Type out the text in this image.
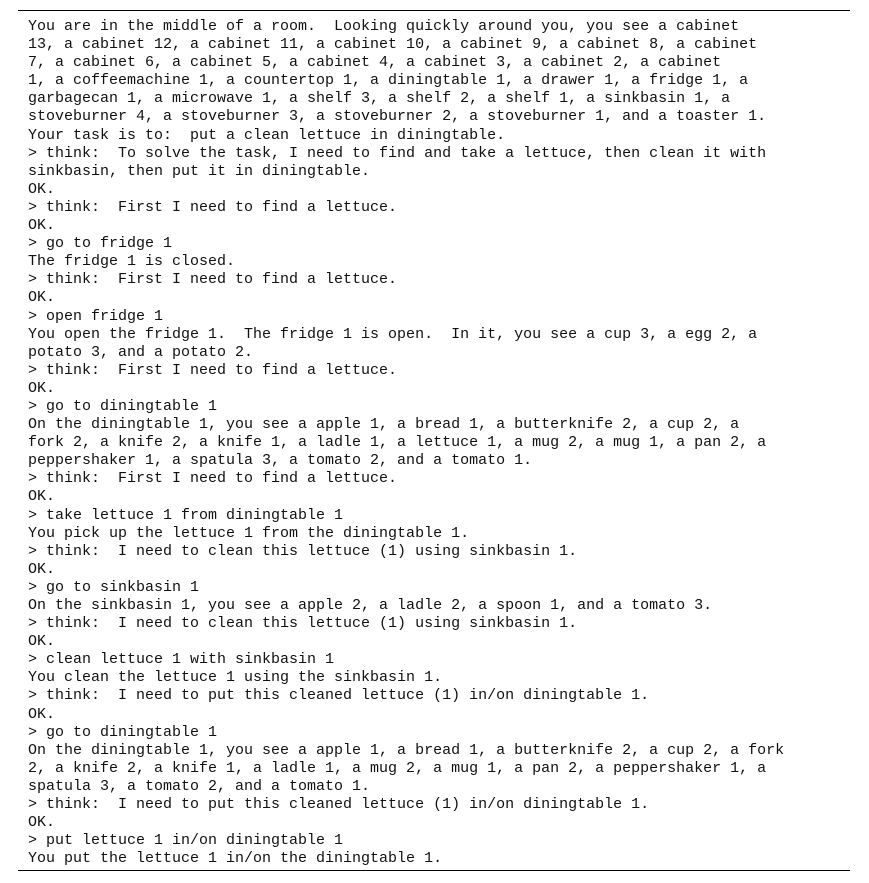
You are in the middle of a room.  Looking quickly around you, you see a cabinet
13, a cabinet 12, a cabinet 11, a cabinet 10, a cabinet 9, a cabinet 8, a cabinet
7, a cabinet 6, a cabinet 5, a cabinet 4, a cabinet 3, a cabinet 2, a cabinet
1, a coffeemachine 1, a countertop 1, a diningtable 1, a drawer 1, a fridge 1, a
garbagecan 1, a microwave 1, a shelf 3, a shelf 2, a shelf 1, a sinkbasin 1, a
stoveburner 4, a stoveburner 3, a stoveburner 2, a stoveburner 1, and a toaster 1.
Your task is to:  put a clean lettuce in diningtable.
> think:  To solve the task, I need to find and take a lettuce, then clean it with
sinkbasin, then put it in diningtable.
OK.
> think:  First I need to find a lettuce.
OK.
> go to fridge 1
The fridge 1 is closed.
> think:  First I need to find a lettuce.
OK.
> open fridge 1
You open the fridge 1.  The fridge 1 is open.  In it, you see a cup 3, a egg 2, a
potato 3, and a potato 2.
> think:  First I need to find a lettuce.
OK.
> go to diningtable 1
On the diningtable 1, you see a apple 1, a bread 1, a butterknife 2, a cup 2, a
fork 2, a knife 2, a knife 1, a ladle 1, a lettuce 1, a mug 2, a mug 1, a pan 2, a
peppershaker 1, a spatula 3, a tomato 2, and a tomato 1.
> think:  First I need to find a lettuce.
OK.
> take lettuce 1 from diningtable 1
You pick up the lettuce 1 from the diningtable 1.
> think:  I need to clean this lettuce (1) using sinkbasin 1.
OK.
> go to sinkbasin 1
On the sinkbasin 1, you see a apple 2, a ladle 2, a spoon 1, and a tomato 3.
> think:  I need to clean this lettuce (1) using sinkbasin 1.
OK.
> clean lettuce 1 with sinkbasin 1
You clean the lettuce 1 using the sinkbasin 1.
> think:  I need to put this cleaned lettuce (1) in/on diningtable 1.
OK.
> go to diningtable 1
On the diningtable 1, you see a apple 1, a bread 1, a butterknife 2, a cup 2, a fork
2, a knife 2, a knife 1, a ladle 1, a mug 2, a mug 1, a pan 2, a peppershaker 1, a
spatula 3, a tomato 2, and a tomato 1.
> think:  I need to put this cleaned lettuce (1) in/on diningtable 1.
OK.
> put lettuce 1 in/on diningtable 1
You put the lettuce 1 in/on the diningtable 1.
